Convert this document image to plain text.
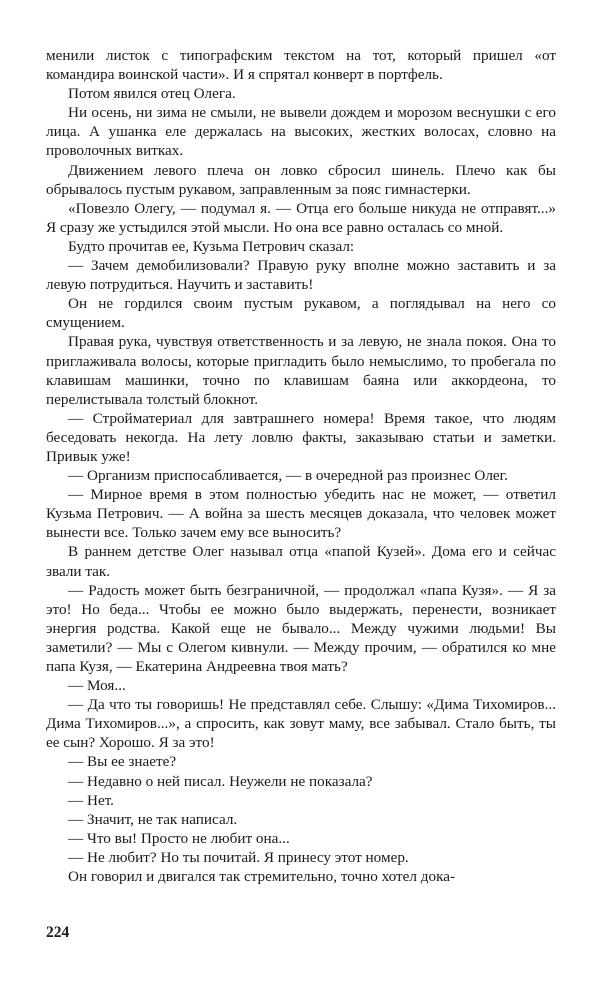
менили листок с типографским текстом на тот, который пришел «от командира воинской части». И я спрятал конверт в портфель.

Потом явился отец Олега.

Ни осень, ни зима не смыли, не вывели дождем и морозом веснушки с его лица. А ушанка еле держалась на высоких, жестких волосах, словно на проволочных витках.

Движением левого плеча он ловко сбросил шинель. Плечо как бы обрывалось пустым рукавом, заправленным за пояс гимнастерки.

«Повезло Олегу, — подумал я. — Отца его больше никуда не отправят...» Я сразу же устыдился этой мысли. Но она все равно осталась со мной.

Будто прочитав ее, Кузьма Петрович сказал:

— Зачем демобилизовали? Правую руку вполне можно заставить и за левую потрудиться. Научить и заставить!

Он не гордился своим пустым рукавом, а поглядывал на него со смущением.

Правая рука, чувствуя ответственность и за левую, не знала покоя. Она то приглаживала волосы, которые пригладить было немыслимо, то пробегала по клавишам машинки, точно по клавишам баяна или аккордеона, то перелистывала толстый блокнот.

— Стройматериал для завтрашнего номера! Время такое, что людям беседовать некогда. На лету ловлю факты, заказываю статьи и заметки. Привык уже!

— Организм приспосабливается, — в очередной раз произнес Олег.

— Мирное время в этом полностью убедить нас не может, — ответил Кузьма Петрович. — А война за шесть месяцев доказала, что человек может вынести все. Только зачем ему все выносить?

В раннем детстве Олег называл отца «папой Кузей». Дома его и сейчас звали так.

— Радость может быть безграничной, — продолжал «папа Кузя». — Я за это! Но беда... Чтобы ее можно было выдержать, перенести, возникает энергия родства. Какой еще не бывало... Между чужими людьми! Вы заметили? — Мы с Олегом кивнули. — Между прочим, — обратился ко мне папа Кузя, — Екатерина Андреевна твоя мать?

— Моя...

— Да что ты говоришь! Не представлял себе. Слышу: «Дима Тихомиров... Дима Тихомиров...», а спросить, как зовут маму, все забывал. Стало быть, ты ее сын? Хорошо. Я за это!

— Вы ее знаете?

— Недавно о ней писал. Неужели не показала?

— Нет.

— Значит, не так написал.

— Что вы! Просто не любит она...

— Не любит? Но ты почитай. Я принесу этот номер.

Он говорил и двигался так стремительно, точно хотел дока-

224
